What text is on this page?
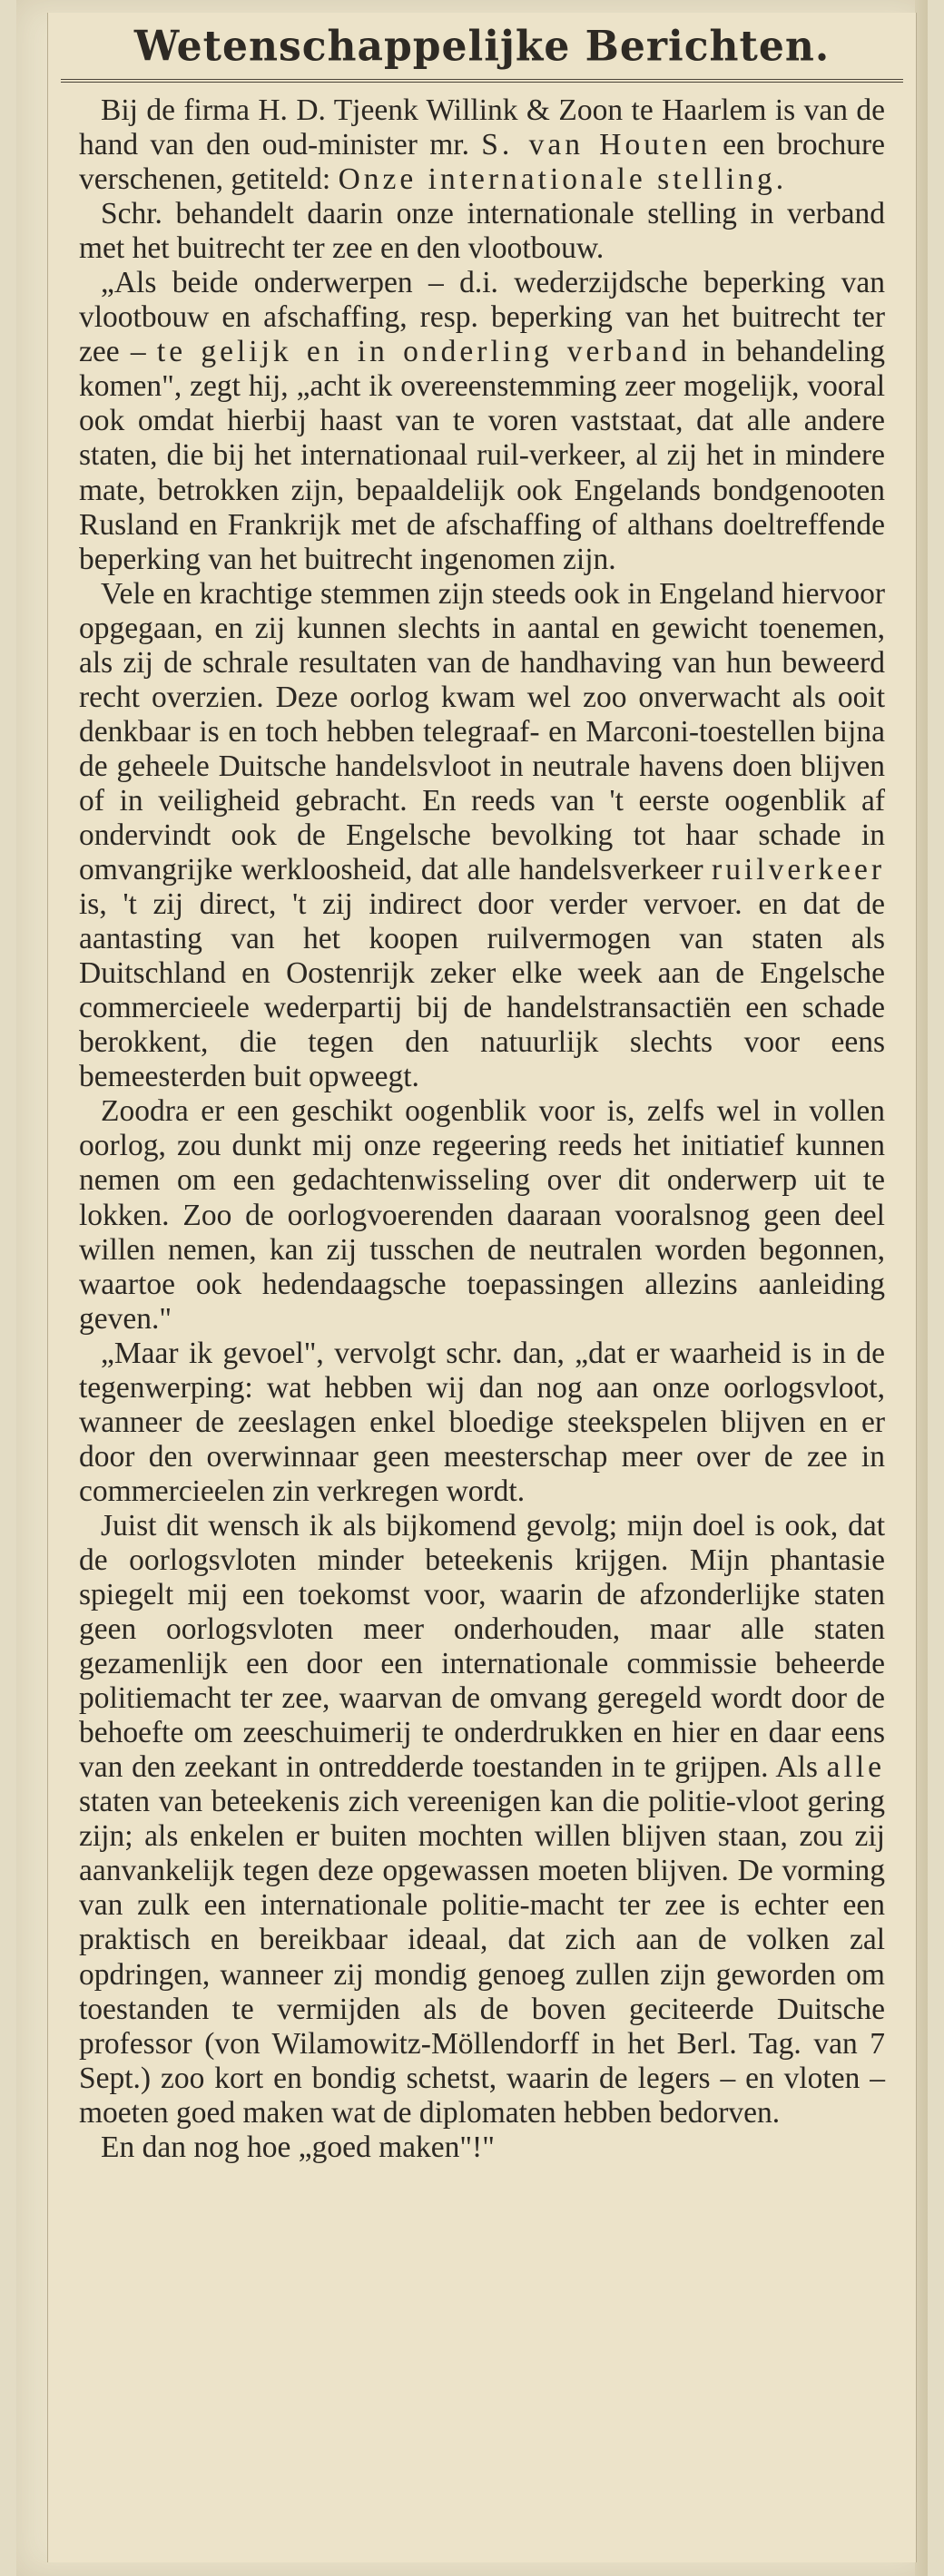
Wetenschappelijke Berichten.

Bij de firma H. D. Tjeenk Willink & Zoon te Haarlem is van de hand van den oud-minister mr. S. van Houten een brochure verschenen, getiteld: Onze internationale stelling.

Schr. behandelt daarin onze internationale stelling in verband met het buitrecht ter zee en den vlootbouw.

„Als beide onderwerpen – d.i. wederzijdsche beperking van vlootbouw en afschaffing, resp. beperking van het buitrecht ter zee – te gelijk en in onderling verband in behandeling komen", zegt hij, „acht ik overeenstemming zeer mogelijk, vooral ook omdat hierbij haast van te voren vaststaat, dat alle andere staten, die bij het internationaal ruil-verkeer, al zij het in mindere mate, betrokken zijn, bepaaldelijk ook Engelands bondgenooten Rusland en Frankrijk met de afschaffing of althans doeltreffende beperking van het buitrecht ingenomen zijn.

Vele en krachtige stemmen zijn steeds ook in Engeland hiervoor opgegaan, en zij kunnen slechts in aantal en gewicht toenemen, als zij de schrale resultaten van de handhaving van hun beweerd recht overzien. Deze oorlog kwam wel zoo onverwacht als ooit denkbaar is en toch hebben telegraaf- en Marconi-toestellen bijna de geheele Duitsche handelsvloot in neutrale havens doen blijven of in veiligheid gebracht. En reeds van 't eerste oogenblik af ondervindt ook de Engelsche bevolking tot haar schade in omvangrijke werkloosheid, dat alle handelsverkeer ruilverkeer is, 't zij direct, 't zij indirect door verder vervoer. en dat de aantasting van het koopen ruilvermogen van staten als Duitschland en Oostenrijk zeker elke week aan de Engelsche commercieele wederpartij bij de handelstransactiën een schade berokkent, die tegen den natuurlijk slechts voor eens bemeesterden buit opweegt.

Zoodra er een geschikt oogenblik voor is, zelfs wel in vollen oorlog, zou dunkt mij onze regeering reeds het initiatief kunnen nemen om een gedachtenwisseling over dit onderwerp uit te lokken. Zoo de oorlogvoerenden daaraan vooralsnog geen deel willen nemen, kan zij tusschen de neutralen worden begonnen, waartoe ook hedendaagsche toepassingen allezins aanleiding geven."

„Maar ik gevoel", vervolgt schr. dan, „dat er waarheid is in de tegenwerping: wat hebben wij dan nog aan onze oorlogsvloot, wanneer de zeeslagen enkel bloedige steekspelen blijven en er door den overwinnaar geen meesterschap meer over de zee in commercieelen zin verkregen wordt.

Juist dit wensch ik als bijkomend gevolg; mijn doel is ook, dat de oorlogsvloten minder beteekenis krijgen. Mijn phantasie spiegelt mij een toekomst voor, waarin de afzonderlijke staten geen oorlogsvloten meer onderhouden, maar alle staten gezamenlijk een door een internationale commissie beheerde politiemacht ter zee, waarvan de omvang geregeld wordt door de behoefte om zeeschuimerij te onderdrukken en hier en daar eens van den zeekant in ontredderde toestanden in te grijpen. Als alle staten van beteekenis zich vereenigen kan die politie-vloot gering zijn; als enkelen er buiten mochten willen blijven staan, zou zij aanvankelijk tegen deze opgewassen moeten blijven. De vorming van zulk een internationale politie-macht ter zee is echter een praktisch en bereikbaar ideaal, dat zich aan de volken zal opdringen, wanneer zij mondig genoeg zullen zijn geworden om toestanden te vermijden als de boven geciteerde Duitsche professor (von Wilamowitz-Möllendorff in het Berl. Tag. van 7 Sept.) zoo kort en bondig schetst, waarin de legers – en vloten – moeten goed maken wat de diplomaten hebben bedorven.

En dan nog hoe „goed maken"!"
